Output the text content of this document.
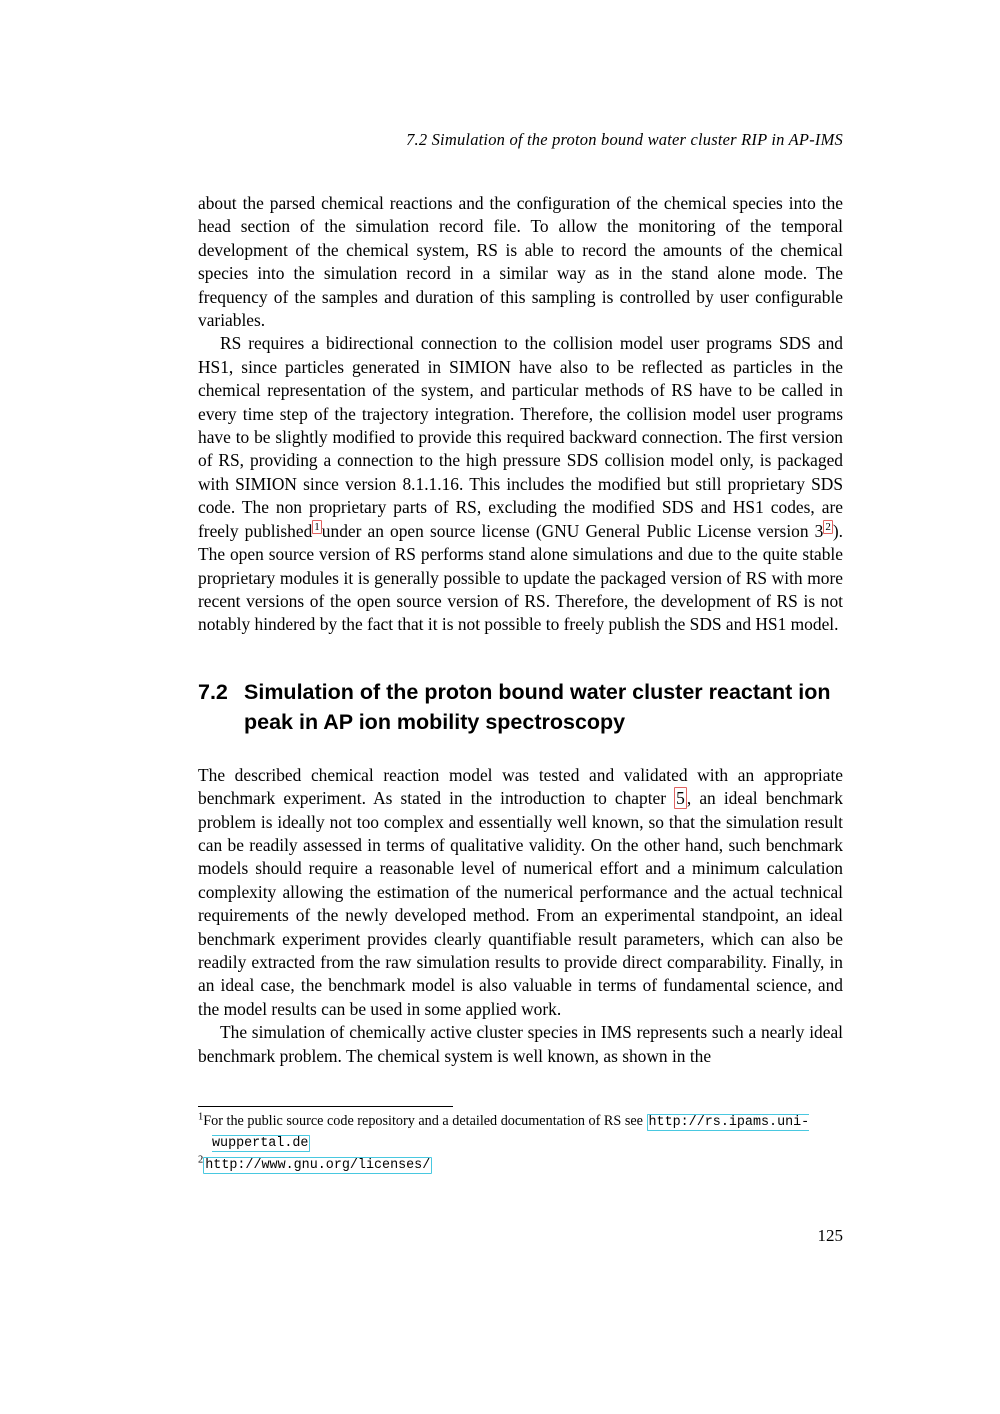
7.2 Simulation of the proton bound water cluster RIP in AP-IMS

about the parsed chemical reactions and the configuration of the chemical species into the head section of the simulation record file. To allow the monitoring of the temporal development of the chemical system, RS is able to record the amounts of the chemical species into the simulation record in a similar way as in the stand alone mode. The frequency of the samples and duration of this sampling is controlled by user configurable variables.

RS requires a bidirectional connection to the collision model user programs SDS and HS1, since particles generated in SIMION have also to be reflected as particles in the chemical representation of the system, and particular methods of RS have to be called in every time step of the trajectory integration. Therefore, the collision model user programs have to be slightly modified to provide this required backward connection. The first version of RS, providing a connection to the high pressure SDS collision model only, is packaged with SIMION since version 8.1.1.16. This includes the modified but still proprietary SDS code. The non proprietary parts of RS, excluding the modified SDS and HS1 codes, are freely published $^1$ under an open source license (GNU General Public License version 3 $^2$ ). The open source version of RS performs stand alone simulations and due to the quite stable proprietary modules it is generally possible to update the packaged version of RS with more recent versions of the open source version of RS. Therefore, the development of RS is not notably hindered by the fact that it is not possible to freely publish the SDS and HS1 model.

7.2 Simulation of the proton bound water cluster reactant ion peak in AP ion mobility spectroscopy

The described chemical reaction model was tested and validated with an appropriate benchmark experiment. As stated in the introduction to chapter 5 , an ideal benchmark problem is ideally not too complex and essentially well known, so that the simulation result can be readily assessed in terms of qualitative validity. On the other hand, such benchmark models should require a reasonable level of numerical effort and a minimum calculation complexity allowing the estimation of the numerical performance and the actual technical requirements of the newly developed method. From an experimental standpoint, an ideal benchmark experiment provides clearly quantifiable result parameters, which can also be readily extracted from the raw simulation results to provide direct comparability. Finally, in an ideal case, the benchmark model is also valuable in terms of fundamental science, and the model results can be used in some applied work.

The simulation of chemically active cluster species in IMS represents such a nearly ideal benchmark problem. The chemical system is well known, as shown in the

$^1$For the public source code repository and a detailed documentation of RS see http://rs.ipams.uni-wuppertal.de

$^2$ http://www.gnu.org/licenses/

125
